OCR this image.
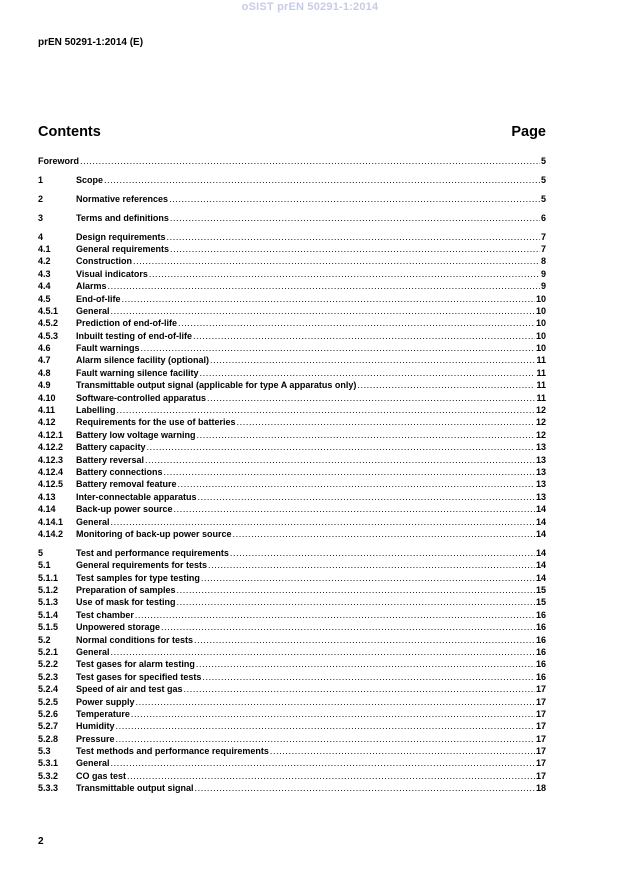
oSIST prEN 50291-1:2014
prEN 50291-1:2014 (E)
Contents	Page
Foreword .....	5
1	Scope .....	5
2	Normative references .....	5
3	Terms and definitions .....	6
4	Design requirements .....	7
4.1	General requirements .....	7
4.2	Construction .....	8
4.3	Visual indicators .....	9
4.4	Alarms .....	9
4.5	End-of-life .....	10
4.5.1	General .....	10
4.5.2	Prediction of end-of-life .....	10
4.5.3	Inbuilt testing of end-of-life .....	10
4.6	Fault warnings .....	10
4.7	Alarm silence facility (optional) .....	11
4.8	Fault warning silence facility .....	11
4.9	Transmittable output signal (applicable for type A apparatus only) .....	11
4.10	Software-controlled apparatus .....	11
4.11	Labelling .....	12
4.12	Requirements for the use of batteries .....	12
4.12.1	Battery low voltage warning .....	12
4.12.2	Battery capacity .....	13
4.12.3	Battery reversal .....	13
4.12.4	Battery connections .....	13
4.12.5	Battery removal feature .....	13
4.13	Inter-connectable apparatus .....	13
4.14	Back-up power source .....	14
4.14.1	General .....	14
4.14.2	Monitoring of back-up power source .....	14
5	Test and performance requirements .....	14
5.1	General requirements for tests .....	14
5.1.1	Test samples for type testing .....	14
5.1.2	Preparation of samples .....	15
5.1.3	Use of mask for testing .....	15
5.1.4	Test chamber .....	16
5.1.5	Unpowered storage .....	16
5.2	Normal conditions for tests .....	16
5.2.1	General .....	16
5.2.2	Test gases for alarm testing .....	16
5.2.3	Test gases for specified tests .....	16
5.2.4	Speed of air and test gas .....	17
5.2.5	Power supply .....	17
5.2.6	Temperature .....	17
5.2.7	Humidity .....	17
5.2.8	Pressure .....	17
5.3	Test methods and performance requirements .....	17
5.3.1	General .....	17
5.3.2	CO gas test .....	17
5.3.3	Transmittable output signal .....	18
2
